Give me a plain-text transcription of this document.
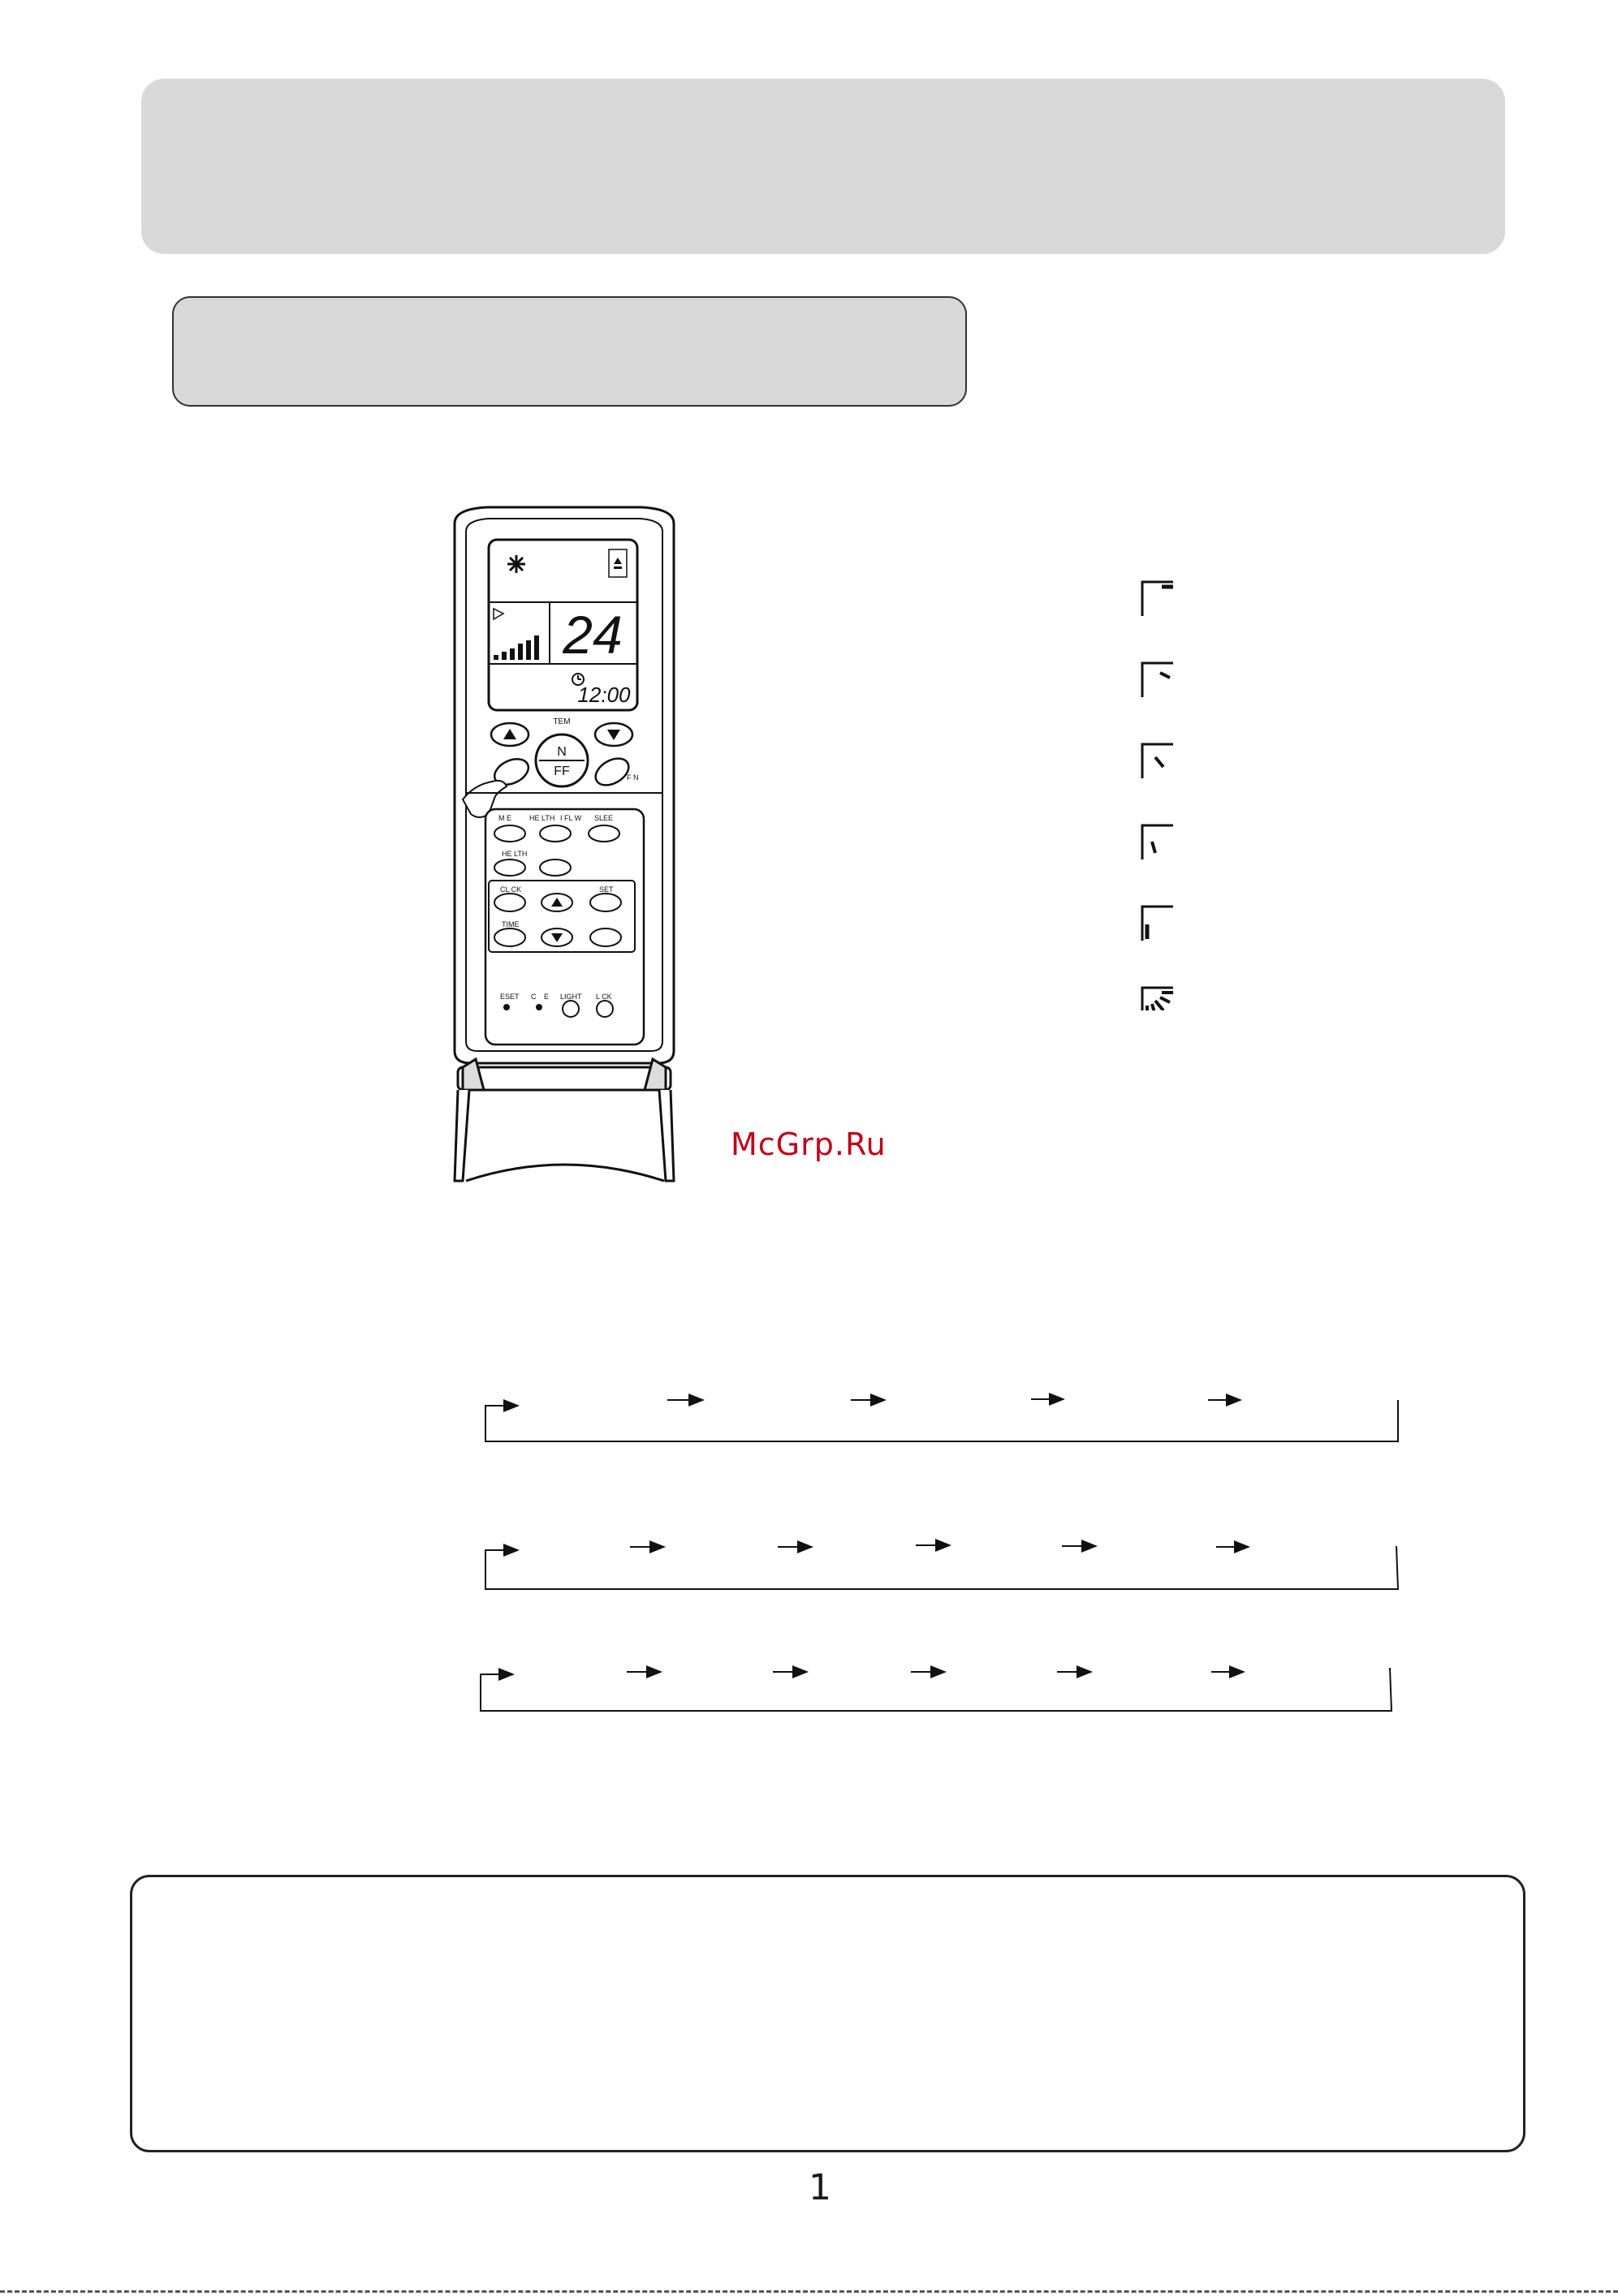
24
12:00
TEM
N
FF	F N
M E HE LTH I FL W SLEE
HE LTH
CL CK	SET
TIME
ESET C E LIGHT L CK
McGrp.Ru
1
